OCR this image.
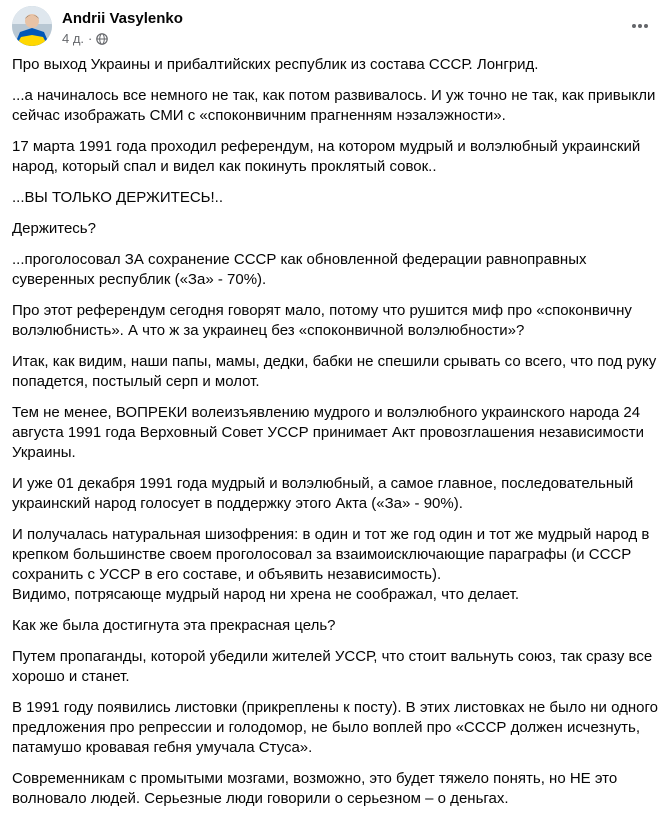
Andrii Vasylenko
4 д. ·

Про выход Украины и прибалтийских республик из состава СССР. Лонгрид.

...а начиналось все немного не так, как потом развивалось. И уж точно не так, как привыкли
сейчас изображать СМИ с «споконвичним прагненням нэзалэжности».

17 марта 1991 года проходил референдум, на котором мудрый и волэлюбный украинский
народ, который спал и видел как покинуть проклятый совок..

...ВЫ ТОЛЬКО ДЕРЖИТЕСЬ!..

Держитесь?

...проголосовал ЗА сохранение СССР как обновленной федерации равноправных
суверенных республик («За» - 70%).

Про этот референдум сегодня говорят мало, потому что рушится миф про «споконвичну
волэлюбнисть». А что ж за украинец без «споконвичной волэлюбности»?

Итак, как видим, наши папы, мамы, дедки, бабки не спешили срывать со всего, что под руку
попадется, постылый серп и молот.

Тем не менее, ВОПРЕКИ волеизъявлению мудрого и волэлюбного украинского народа 24
августа 1991 года Верховный Совет УССР принимает Акт провозглашения независимости
Украины.

И уже 01 декабря 1991 года мудрый и волэлюбный, а самое главное, последовательный
украинский народ голосует в поддержку этого Акта («За» - 90%).

И получалась натуральная шизофрения: в один и тот же год один и тот же мудрый народ в
крепком большинстве своем проголосовал за взаимоисключающие параграфы (и СССР
сохранить с УССР в его составе, и объявить независимость).

Видимо, потрясающе мудрый народ ни хрена не соображал, что делает.

Как же была достигнута эта прекрасная цель?

Путем пропаганды, которой убедили жителей УССР, что стоит вальнуть союз, так сразу все
хорошо и станет.

В 1991 году появились листовки (прикреплены к посту). В этих листовках не было ни одного
предложения про репрессии и голодомор, не было воплей про «СССР должен исчезнуть,
патамушо кровавая гебня умучала Стуса».

Современникам с промытыми мозгами, возможно, это будет тяжело понять, но НЕ это
волновало людей. Серьезные люди говорили о серьезном – о деньгах.
